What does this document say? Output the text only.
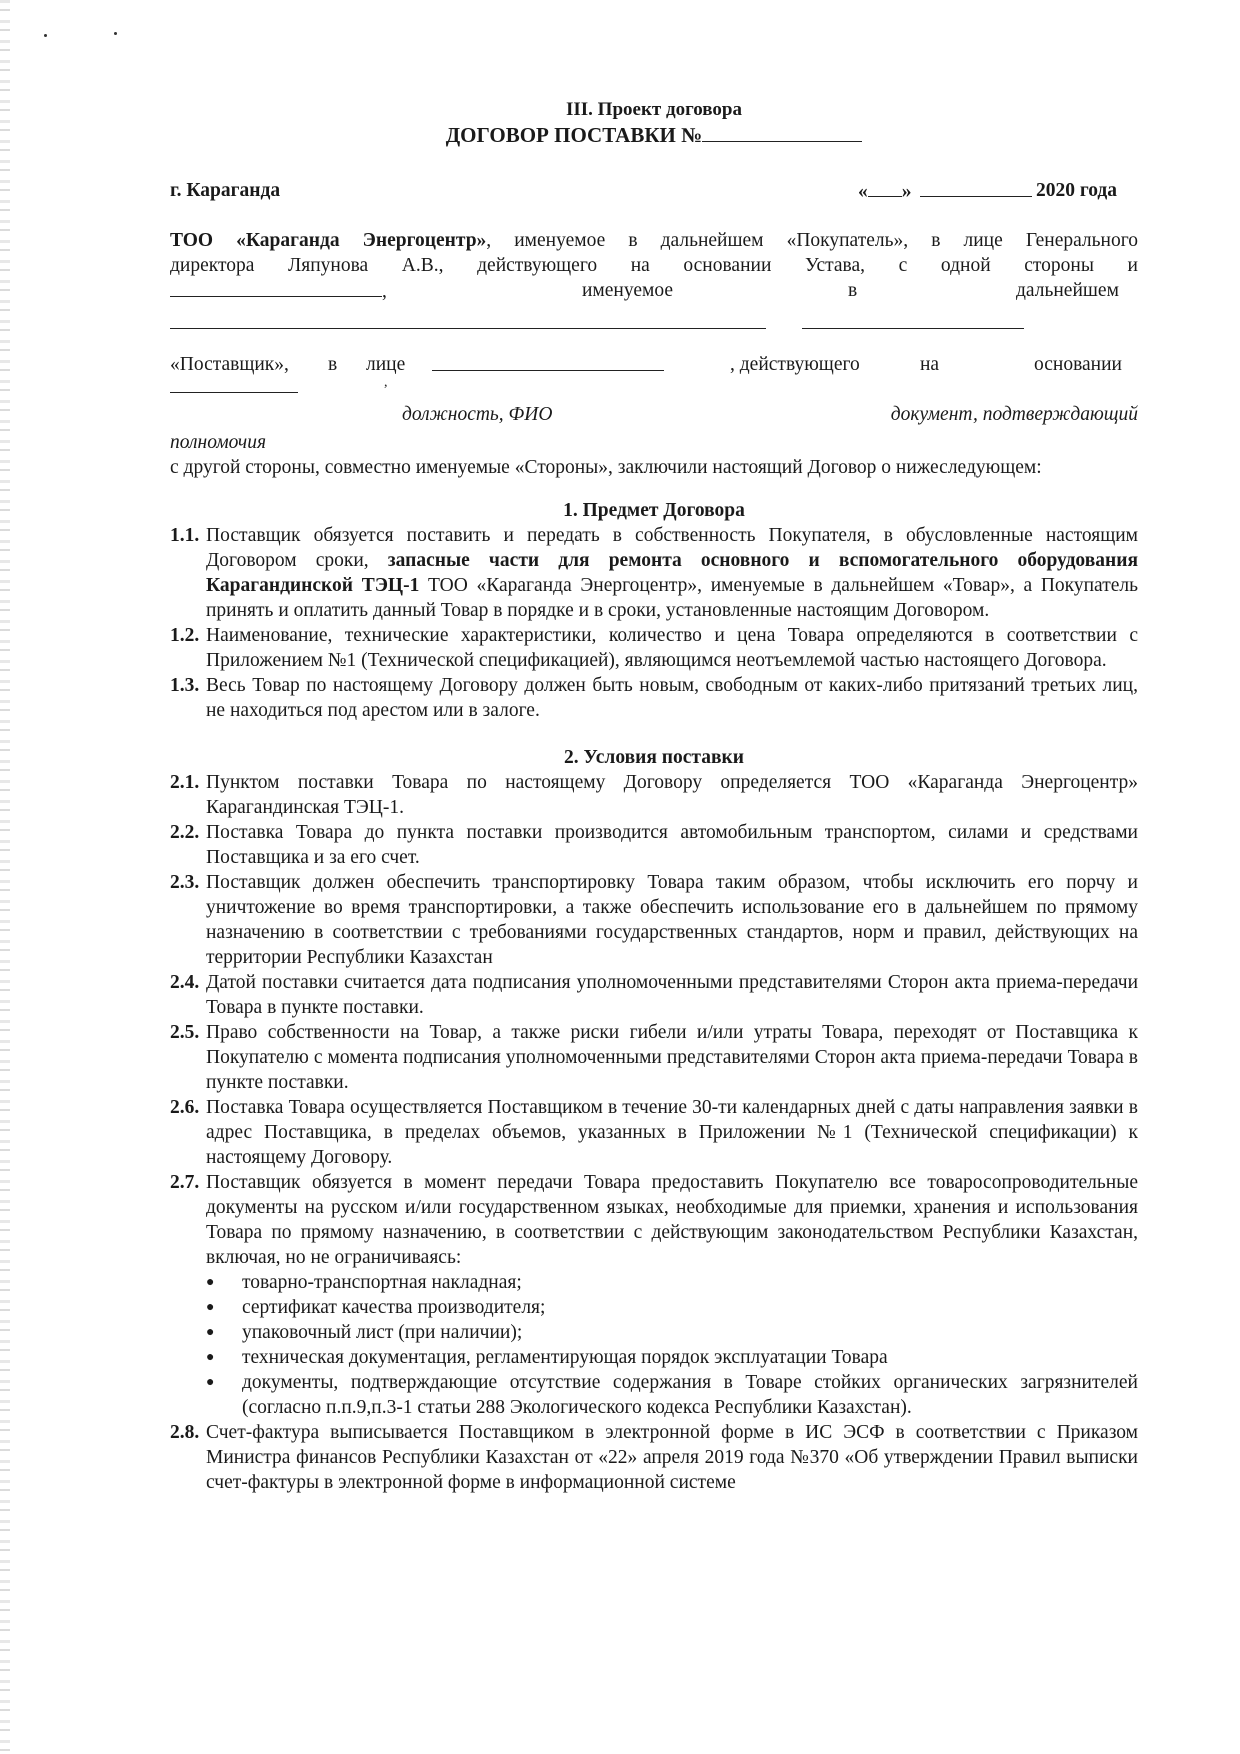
III. Проект договора
ДОГОВОР ПОСТАВКИ №
г. Караганда	« »	2020 года
ТОО «Караганда Энергоцентр», именуемое в дальнейшем «Покупатель», в лице Генерального
директора Ляпунова А.В., действующего на основании Устава, с одной стороны и
,	именуемое	в	дальнейшем
«Поставщик», в лице	, действующего	на	основании
,
должность, ФИО	документ, подтверждающий
полномочия
с другой стороны, совместно именуемые «Стороны», заключили настоящий Договор о нижеследующем:
1. Предмет Договора
1.1. Поставщик обязуется поставить и передать в собственность Покупателя, в обусловленные настоящим Договором сроки, запасные части для ремонта основного и вспомогательного оборудования Карагандинской ТЭЦ-1 ТОО «Караганда Энергоцентр», именуемые в дальнейшем «Товар», а Покупатель принять и оплатить данный Товар в порядке и в сроки, установленные настоящим Договором.
1.2. Наименование, технические характеристики, количество и цена Товара определяются в соответствии с Приложением №1 (Технической спецификацией), являющимся неотъемлемой частью настоящего Договора.
1.3. Весь Товар по настоящему Договору должен быть новым, свободным от каких-либо притязаний третьих лиц, не находиться под арестом или в залоге.
2. Условия поставки
2.1. Пунктом поставки Товара по настоящему Договору определяется ТОО «Караганда Энергоцентр» Карагандинская ТЭЦ-1.
2.2. Поставка Товара до пункта поставки производится автомобильным транспортом, силами и средствами Поставщика и за его счет.
2.3. Поставщик должен обеспечить транспортировку Товара таким образом, чтобы исключить его порчу и уничтожение во время транспортировки, а также обеспечить использование его в дальнейшем по прямому назначению в соответствии с требованиями государственных стандартов, норм и правил, действующих на территории Республики Казахстан
2.4. Датой поставки считается дата подписания уполномоченными представителями Сторон акта приема-передачи Товара в пункте поставки.
2.5. Право собственности на Товар, а также риски гибели и/или утраты Товара, переходят от Поставщика к Покупателю с момента подписания уполномоченными представителями Сторон акта приема-передачи Товара в пункте поставки.
2.6. Поставка Товара осуществляется Поставщиком в течение 30-ти календарных дней с даты направления заявки в адрес Поставщика, в пределах объемов, указанных в Приложении №1 (Технической спецификации) к настоящему Договору.
2.7. Поставщик обязуется в момент передачи Товара предоставить Покупателю все товаросопроводительные документы на русском и/или государственном языках, необходимые для приемки, хранения и использования Товара по прямому назначению, в соответствии с действующим законодательством Республики Казахстан, включая, но не ограничиваясь:
●	товарно-транспортная накладная;
●	сертификат качества производителя;
●	упаковочный лист (при наличии);
●	техническая документация, регламентирующая порядок эксплуатации Товара
●	документы, подтверждающие отсутствие содержания в Товаре стойких органических загрязнителей (согласно п.п.9,п.3-1 статьи 288 Экологического кодекса Республики Казахстан).
2.8. Счет-фактура выписывается Поставщиком в электронной форме в ИС ЭСФ в соответствии с Приказом Министра финансов Республики Казахстан от «22» апреля 2019 года №370 «Об утверждении Правил выписки счет-фактуры в электронной форме в информационной системе
